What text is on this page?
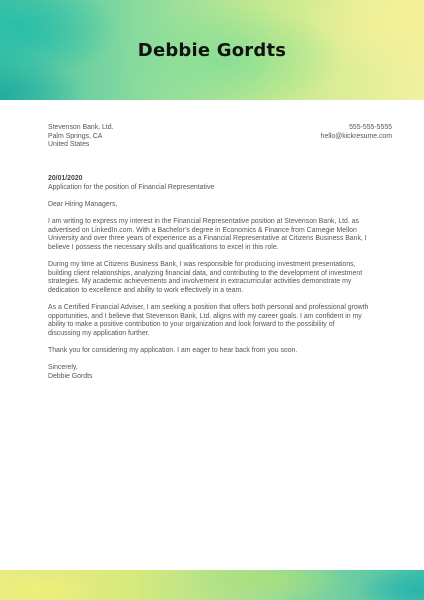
Debbie Gordts
Stevenson Bank, Ltd.
Palm Springs, CA
United States
555-555-5555
hello@kickresume.com
20/01/2020

Application for the position of Financial Representative

Dear Hiring Managers,

I am writing to express my interest in the Financial Representative position at Stevenson Bank, Ltd. as
advertised on LinkedIn.com. With a Bachelor’s degree in Economics & Finance from Carnegie Mellon
University and over three years of experience as a Financial Representative at Citizens Business Bank, I
believe I possess the necessary skills and qualifications to excel in this role.

During my time at Citizens Business Bank, I was responsible for producing investment presentations,
building client relationships, analyzing financial data, and contributing to the development of investment
strategies. My academic achievements and involvement in extracurricular activities demonstrate my
dedication to excellence and ability to work effectively in a team.

As a Certified Financial Adviser, I am seeking a position that offers both personal and professional growth
opportunities, and I believe that Stevenson Bank, Ltd. aligns with my career goals. I am confident in my
ability to make a positive contribution to your organization and look forward to the possibility of
discussing my application further.

Thank you for considering my application. I am eager to hear back from you soon.

Sincerely,
Debbie Gordts
